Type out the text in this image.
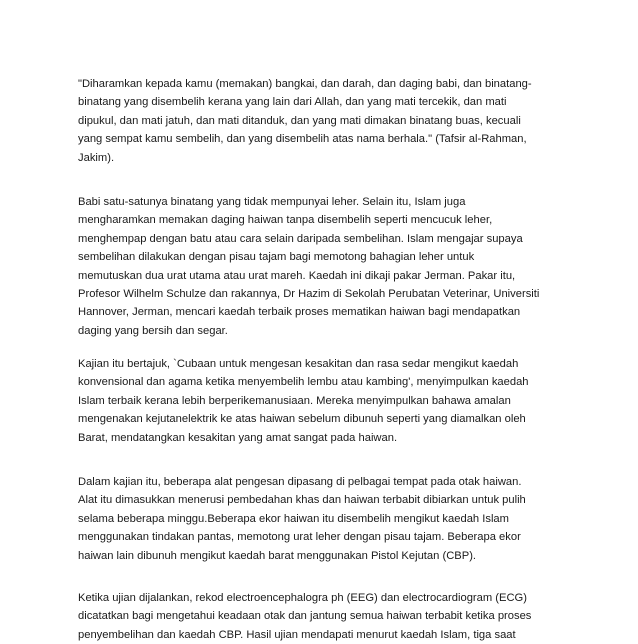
"Diharamkan kepada kamu (memakan) bangkai, dan darah, dan daging babi, dan binatang-
binatang yang disembelih kerana yang lain dari Allah, dan yang mati tercekik, dan mati
dipukul, dan mati jatuh, dan mati ditanduk, dan yang mati dimakan binatang buas, kecuali
yang sempat kamu sembelih, dan yang disembelih atas nama berhala." (Tafsir al-Rahman,
Jakim).

Babi satu-satunya binatang yang tidak mempunyai leher. Selain itu, Islam juga
mengharamkan memakan daging haiwan tanpa disembelih seperti mencucuk leher,
menghempap dengan batu atau cara selain daripada sembelihan. Islam mengajar supaya
sembelihan dilakukan dengan pisau tajam bagi memotong bahagian leher untuk
memutuskan dua urat utama atau urat mareh. Kaedah ini dikaji pakar Jerman. Pakar itu,
Profesor Wilhelm Schulze dan rakannya, Dr Hazim di Sekolah Perubatan Veterinar, Universiti
Hannover, Jerman, mencari kaedah terbaik proses mematikan haiwan bagi mendapatkan
daging yang bersih dan segar.

Kajian itu bertajuk, `Cubaan untuk mengesan kesakitan dan rasa sedar mengikut kaedah
konvensional dan agama ketika menyembelih lembu atau kambing', menyimpulkan kaedah
Islam terbaik kerana lebih berperikemanusiaan. Mereka menyimpulkan bahawa amalan
mengenakan kejutanelektrik ke atas haiwan sebelum dibunuh seperti yang diamalkan oleh
Barat, mendatangkan kesakitan yang amat sangat pada haiwan.

Dalam kajian itu, beberapa alat pengesan dipasang di pelbagai tempat pada otak haiwan.
Alat itu dimasukkan menerusi pembedahan khas dan haiwan terbabit dibiarkan untuk pulih
selama beberapa minggu.Beberapa ekor haiwan itu disembelih mengikut kaedah Islam
menggunakan tindakan pantas, memotong urat leher dengan pisau tajam. Beberapa ekor
haiwan lain dibunuh mengikut kaedah barat menggunakan Pistol Kejutan (CBP).

Ketika ujian dijalankan, rekod electroencephalogra ph (EEG) dan electrocardiogram (ECG)
dicatatkan bagi mengetahui keadaan otak dan jantung semua haiwan terbabit ketika proses
penyembelihan dan kaedah CBP. Hasil ujian mendapati menurut kaedah Islam, tiga saat
